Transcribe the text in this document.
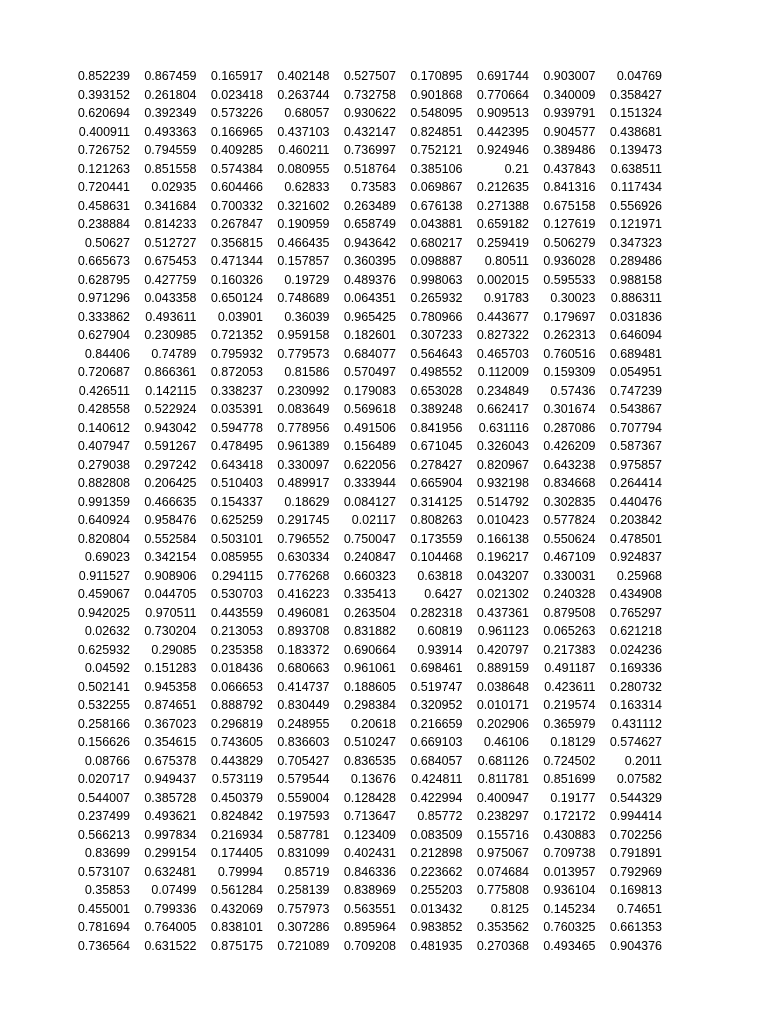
0.852239	0.867459	0.165917	0.402148	0.527507	0.170895	0.691744	0.903007	0.04769
0.393152	0.261804	0.023418	0.263744	0.732758	0.901868	0.770664	0.340009	0.358427
0.620694	0.392349	0.573226	0.68057	0.930622	0.548095	0.909513	0.939791	0.151324
0.400911	0.493363	0.166965	0.437103	0.432147	0.824851	0.442395	0.904577	0.438681
0.726752	0.794559	0.409285	0.460211	0.736997	0.752121	0.924946	0.389486	0.139473
0.121263	0.851558	0.574384	0.080955	0.518764	0.385106	0.21	0.437843	0.638511
0.720441	0.02935	0.604466	0.62833	0.73583	0.069867	0.212635	0.841316	0.117434
0.458631	0.341684	0.700332	0.321602	0.263489	0.676138	0.271388	0.675158	0.556926
0.238884	0.814233	0.267847	0.190959	0.658749	0.043881	0.659182	0.127619	0.121971
0.50627	0.512727	0.356815	0.466435	0.943642	0.680217	0.259419	0.506279	0.347323
0.665673	0.675453	0.471344	0.157857	0.360395	0.098887	0.80511	0.936028	0.289486
0.628795	0.427759	0.160326	0.19729	0.489376	0.998063	0.002015	0.595533	0.988158
0.971296	0.043358	0.650124	0.748689	0.064351	0.265932	0.91783	0.30023	0.886311
0.333862	0.493611	0.03901	0.36039	0.965425	0.780966	0.443677	0.179697	0.031836
0.627904	0.230985	0.721352	0.959158	0.182601	0.307233	0.827322	0.262313	0.646094
0.84406	0.74789	0.795932	0.779573	0.684077	0.564643	0.465703	0.760516	0.689481
0.720687	0.866361	0.872053	0.81586	0.570497	0.498552	0.112009	0.159309	0.054951
0.426511	0.142115	0.338237	0.230992	0.179083	0.653028	0.234849	0.57436	0.747239
0.428558	0.522924	0.035391	0.083649	0.569618	0.389248	0.662417	0.301674	0.543867
0.140612	0.943042	0.594778	0.778956	0.491506	0.841956	0.631116	0.287086	0.707794
0.407947	0.591267	0.478495	0.961389	0.156489	0.671045	0.326043	0.426209	0.587367
0.279038	0.297242	0.643418	0.330097	0.622056	0.278427	0.820967	0.643238	0.975857
0.882808	0.206425	0.510403	0.489917	0.333944	0.665904	0.932198	0.834668	0.264414
0.991359	0.466635	0.154337	0.18629	0.084127	0.314125	0.514792	0.302835	0.440476
0.640924	0.958476	0.625259	0.291745	0.02117	0.808263	0.010423	0.577824	0.203842
0.820804	0.552584	0.503101	0.796552	0.750047	0.173559	0.166138	0.550624	0.478501
0.69023	0.342154	0.085955	0.630334	0.240847	0.104468	0.196217	0.467109	0.924837
0.911527	0.908906	0.294115	0.776268	0.660323	0.63818	0.043207	0.330031	0.25968
0.459067	0.044705	0.530703	0.416223	0.335413	0.6427	0.021302	0.240328	0.434908
0.942025	0.970511	0.443559	0.496081	0.263504	0.282318	0.437361	0.879508	0.765297
0.02632	0.730204	0.213053	0.893708	0.831882	0.60819	0.961123	0.065263	0.621218
0.625932	0.29085	0.235358	0.183372	0.690664	0.93914	0.420797	0.217383	0.024236
0.04592	0.151283	0.018436	0.680663	0.961061	0.698461	0.889159	0.491187	0.169336
0.502141	0.945358	0.066653	0.414737	0.188605	0.519747	0.038648	0.423611	0.280732
0.532255	0.874651	0.888792	0.830449	0.298384	0.320952	0.010171	0.219574	0.163314
0.258166	0.367023	0.296819	0.248955	0.20618	0.216659	0.202906	0.365979	0.431112
0.156626	0.354615	0.743605	0.836603	0.510247	0.669103	0.46106	0.18129	0.574627
0.08766	0.675378	0.443829	0.705427	0.836535	0.684057	0.681126	0.724502	0.2011
0.020717	0.949437	0.573119	0.579544	0.13676	0.424811	0.811781	0.851699	0.07582
0.544007	0.385728	0.450379	0.559004	0.128428	0.422994	0.400947	0.19177	0.544329
0.237499	0.493621	0.824842	0.197593	0.713647	0.85772	0.238297	0.172172	0.994414
0.566213	0.997834	0.216934	0.587781	0.123409	0.083509	0.155716	0.430883	0.702256
0.83699	0.299154	0.174405	0.831099	0.402431	0.212898	0.975067	0.709738	0.791891
0.573107	0.632481	0.79994	0.85719	0.846336	0.223662	0.074684	0.013957	0.792969
0.35853	0.07499	0.561284	0.258139	0.838969	0.255203	0.775808	0.936104	0.169813
0.455001	0.799336	0.432069	0.757973	0.563551	0.013432	0.8125	0.145234	0.74651
0.781694	0.764005	0.838101	0.307286	0.895964	0.983852	0.353562	0.760325	0.661353
0.736564	0.631522	0.875175	0.721089	0.709208	0.481935	0.270368	0.493465	0.904376
